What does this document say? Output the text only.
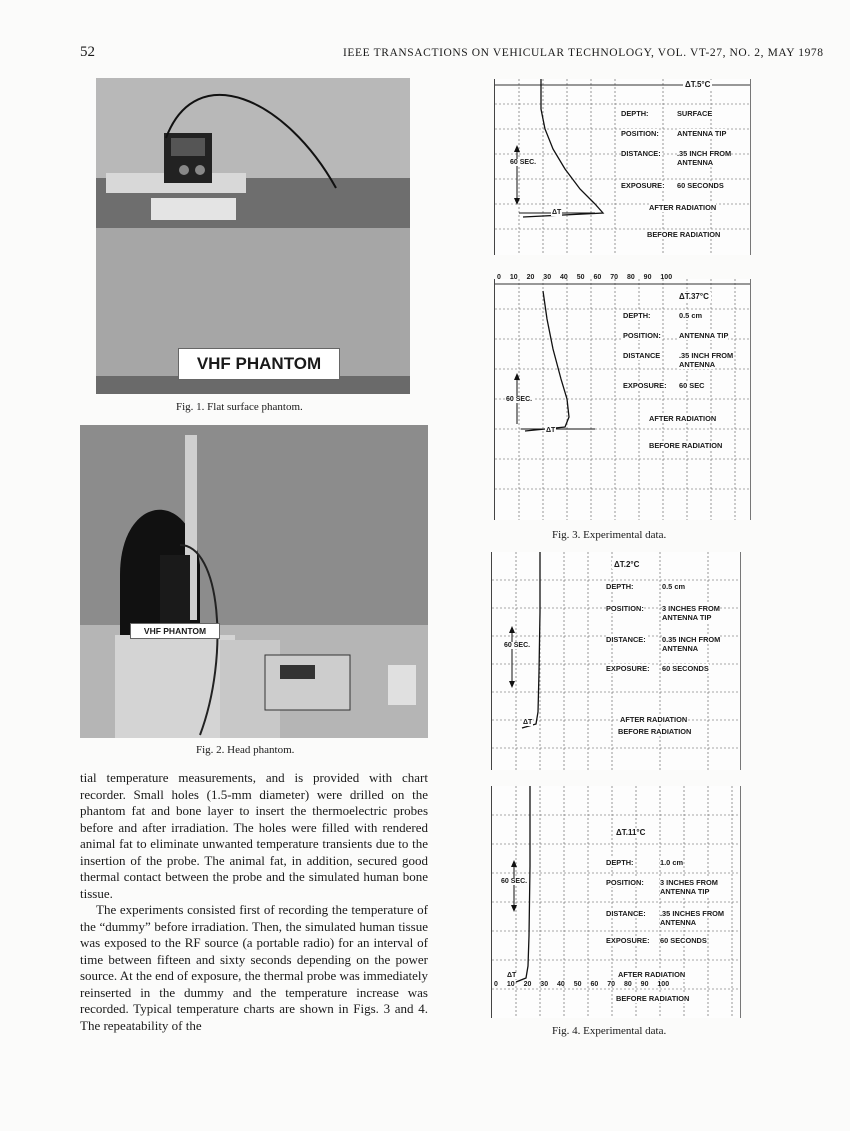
52	IEEE TRANSACTIONS ON VEHICULAR TECHNOLOGY, VOL. VT-27, NO. 2, MAY 1978
VHF PHANTOM
Fig. 1. Flat surface phantom.
VHF PHANTOM
Fig. 2. Head phantom.
ΔT.5°C
60 SEC.
ΔT
DEPTH:	SURFACE
POSITION: ANTENNA TIP
DISTANCE: .35 INCH FROM
ANTENNA
EXPOSURE: 60 SECONDS
AFTER RADIATION
BEFORE RADIATION
0 10 20 30 40 50 60 70 80 90 100
ΔT.37°C
60 SEC.
ΔT
DEPTH:	0.5 cm
POSITION: ANTENNA TIP
DISTANCE	.35 INCH FROM
ANTENNA
EXPOSURE: 60 SEC
AFTER RADIATION
BEFORE RADIATION
Fig. 3. Experimental data.
ΔT.2°C
60 SEC.
ΔT
DEPTH:	0.5 cm
POSITION: 3 INCHES FROM
ANTENNA TIP
DISTANCE: 0.35 INCH FROM
ANTENNA
EXPOSURE: 60 SECONDS
AFTER RADIATION
BEFORE RADIATION
ΔT.11°C
60 SEC.
ΔT
0 10 20 30 40 50 60 70 80 90 100
DEPTH:	1.0 cm
POSITION: 3 INCHES FROM
ANTENNA TIP
DISTANCE: .35 INCHES FROM
ANTENNA
EXPOSURE: 60 SECONDS
AFTER RADIATION
BEFORE RADIATION
Fig. 4. Experimental data.

tial temperature measurements, and is provided with chart recorder. Small holes (1.5-mm diameter) were drilled on the phantom fat and bone layer to insert the thermoelectric probes before and after irradiation. The holes were filled with rendered animal fat to eliminate unwanted temperature transients due to the insertion of the probe. The animal fat, in addition, secured good thermal contact between the probe and the simulated human bone tissue.

The experiments consisted first of recording the temperature of the “dummy” before irradiation. Then, the simulated human tissue was exposed to the RF source (a portable radio) for an interval of time between fifteen and sixty seconds depending on the power source. At the end of exposure, the thermal probe was immediately reinserted in the dummy and the temperature increase was recorded. Typical temperature charts are shown in Figs. 3 and 4. The repeatability of the
